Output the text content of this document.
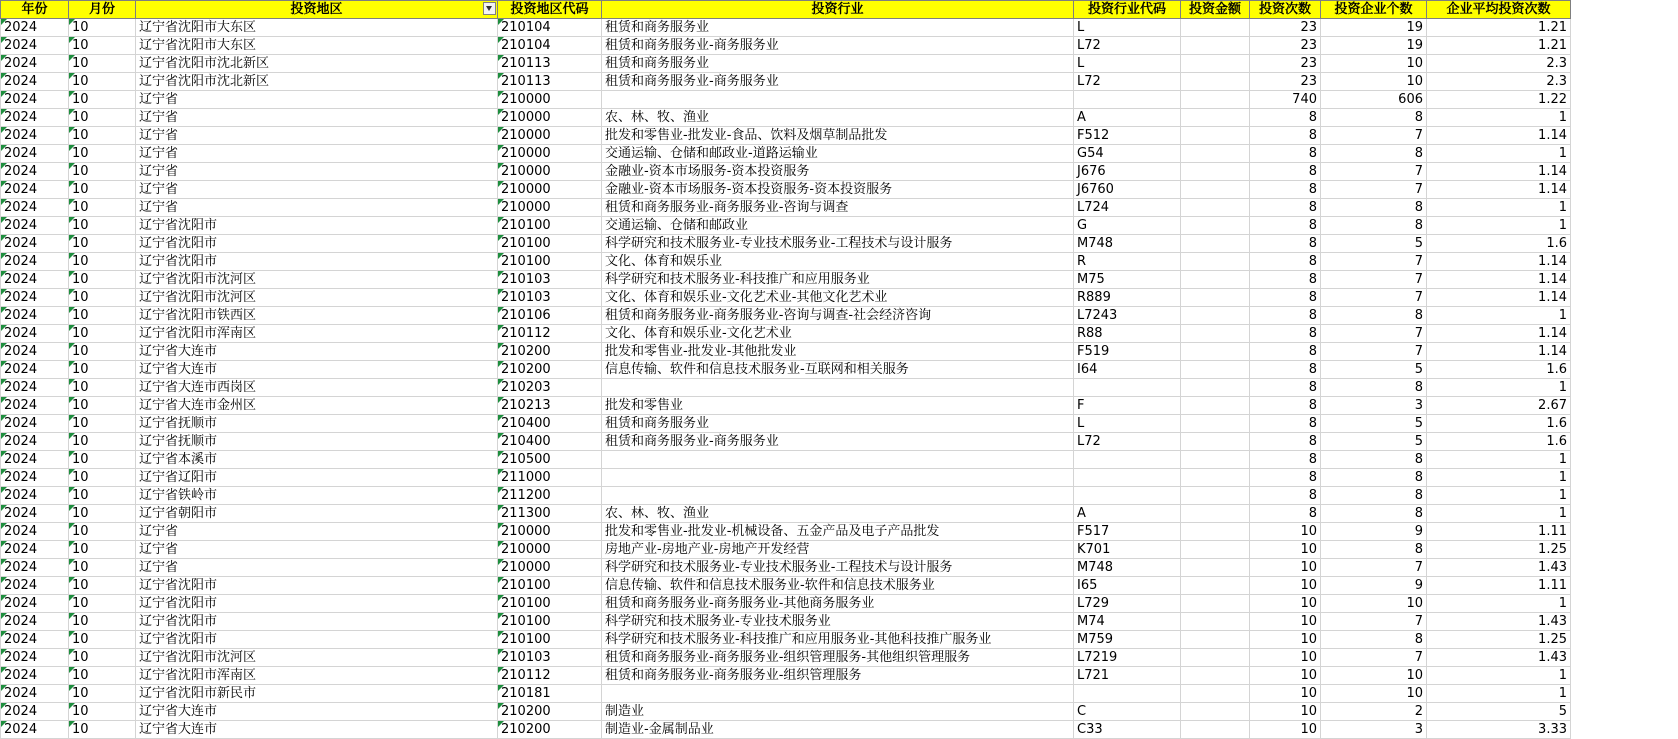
年份	月份	投资地区	投资地区代码	投资行业	投资行业代码	投资金额	投资次数	投资企业个数	企业平均投资次数
2024	10	辽宁省沈阳市大东区	210104	租赁和商务服务业	L		23	19	1.21
2024	10	辽宁省沈阳市大东区	210104	租赁和商务服务业-商务服务业	L72		23	19	1.21
2024	10	辽宁省沈阳市沈北新区	210113	租赁和商务服务业	L		23	10	2.3
2024	10	辽宁省沈阳市沈北新区	210113	租赁和商务服务业-商务服务业	L72		23	10	2.3
2024	10	辽宁省	210000				740	606	1.22
2024	10	辽宁省	210000	农、林、牧、渔业	A		8	8	1
2024	10	辽宁省	210000	批发和零售业-批发业-食品、饮料及烟草制品批发	F512		8	7	1.14
2024	10	辽宁省	210000	交通运输、仓储和邮政业-道路运输业	G54		8	8	1
2024	10	辽宁省	210000	金融业-资本市场服务-资本投资服务	J676		8	7	1.14
2024	10	辽宁省	210000	金融业-资本市场服务-资本投资服务-资本投资服务	J6760		8	7	1.14
2024	10	辽宁省	210000	租赁和商务服务业-商务服务业-咨询与调查	L724		8	8	1
2024	10	辽宁省沈阳市	210100	交通运输、仓储和邮政业	G		8	8	1
2024	10	辽宁省沈阳市	210100	科学研究和技术服务业-专业技术服务业-工程技术与设计服务	M748		8	5	1.6
2024	10	辽宁省沈阳市	210100	文化、体育和娱乐业	R		8	7	1.14
2024	10	辽宁省沈阳市沈河区	210103	科学研究和技术服务业-科技推广和应用服务业	M75		8	7	1.14
2024	10	辽宁省沈阳市沈河区	210103	文化、体育和娱乐业-文化艺术业-其他文化艺术业	R889		8	7	1.14
2024	10	辽宁省沈阳市铁西区	210106	租赁和商务服务业-商务服务业-咨询与调查-社会经济咨询	L7243		8	8	1
2024	10	辽宁省沈阳市浑南区	210112	文化、体育和娱乐业-文化艺术业	R88		8	7	1.14
2024	10	辽宁省大连市	210200	批发和零售业-批发业-其他批发业	F519		8	7	1.14
2024	10	辽宁省大连市	210200	信息传输、软件和信息技术服务业-互联网和相关服务	I64		8	5	1.6
2024	10	辽宁省大连市西岗区	210203				8	8	1
2024	10	辽宁省大连市金州区	210213	批发和零售业	F		8	3	2.67
2024	10	辽宁省抚顺市	210400	租赁和商务服务业	L		8	5	1.6
2024	10	辽宁省抚顺市	210400	租赁和商务服务业-商务服务业	L72		8	5	1.6
2024	10	辽宁省本溪市	210500				8	8	1
2024	10	辽宁省辽阳市	211000				8	8	1
2024	10	辽宁省铁岭市	211200				8	8	1
2024	10	辽宁省朝阳市	211300	农、林、牧、渔业	A		8	8	1
2024	10	辽宁省	210000	批发和零售业-批发业-机械设备、五金产品及电子产品批发	F517		10	9	1.11
2024	10	辽宁省	210000	房地产业-房地产业-房地产开发经营	K701		10	8	1.25
2024	10	辽宁省	210000	科学研究和技术服务业-专业技术服务业-工程技术与设计服务	M748		10	7	1.43
2024	10	辽宁省沈阳市	210100	信息传输、软件和信息技术服务业-软件和信息技术服务业	I65		10	9	1.11
2024	10	辽宁省沈阳市	210100	租赁和商务服务业-商务服务业-其他商务服务业	L729		10	10	1
2024	10	辽宁省沈阳市	210100	科学研究和技术服务业-专业技术服务业	M74		10	7	1.43
2024	10	辽宁省沈阳市	210100	科学研究和技术服务业-科技推广和应用服务业-其他科技推广服务业	M759		10	8	1.25
2024	10	辽宁省沈阳市沈河区	210103	租赁和商务服务业-商务服务业-组织管理服务-其他组织管理服务	L7219		10	7	1.43
2024	10	辽宁省沈阳市浑南区	210112	租赁和商务服务业-商务服务业-组织管理服务	L721		10	10	1
2024	10	辽宁省沈阳市新民市	210181				10	10	1
2024	10	辽宁省大连市	210200	制造业	C		10	2	5
2024	10	辽宁省大连市	210200	制造业-金属制品业	C33		10	3	3.33
